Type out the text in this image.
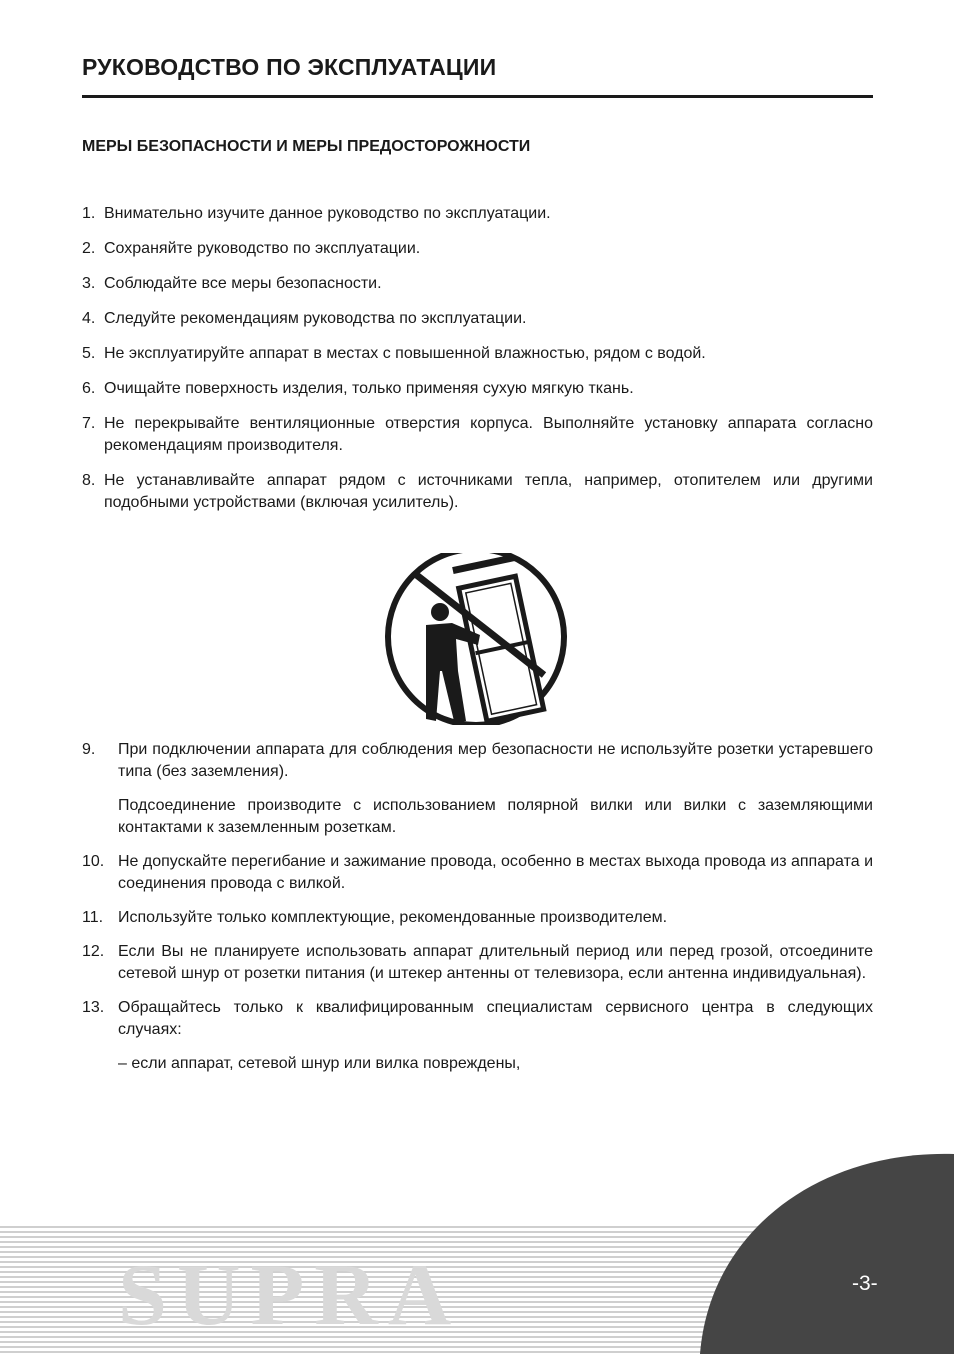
РУКОВОДСТВО ПО ЭКСПЛУАТАЦИИ
МЕРЫ БЕЗОПАСНОСТИ И МЕРЫ ПРЕДОСТОРОЖНОСТИ
1. Внимательно изучите данное руководство по эксплуатации.
2. Сохраняйте руководство по эксплуатации.
3. Соблюдайте все меры безопасности.
4. Следуйте рекомендациям руководства по эксплуатации.
5. Не эксплуатируйте аппарат в местах с повышенной влажностью, рядом с водой.
6. Очищайте поверхность изделия, только применяя сухую мягкую ткань.
7. Не перекрывайте вентиляционные отверстия корпуса. Выполняйте установку аппарата согласно рекомендациям производителя.
8. Не устанавливайте аппарат рядом с источниками тепла, например, отопителем или другими подобными устройствами (включая усилитель).
9.	При подключении аппарата для соблюдения мер безопасности не используйте розетки устаревшего типа (без заземления).
Подсоединение производите с использованием полярной вилки или вилки с заземляющими контактами к заземленным розеткам.
10. Не допускайте перегибание и зажимание провода, особенно в местах выхода провода из аппарата и соединения провода с вилкой.
11. Используйте только комплектующие, рекомендованные производителем.
12. Если Вы не планируете использовать аппарат длительный период или перед грозой, отсоедините сетевой шнур от розетки питания (и штекер антенны от телевизора, если антенна индивидуальная).
13. Обращайтесь только к квалифицированным специалистам сервисного центра в следующих случаях:
– если аппарат, сетевой шнур или вилка повреждены,
SUPRA	-3-
